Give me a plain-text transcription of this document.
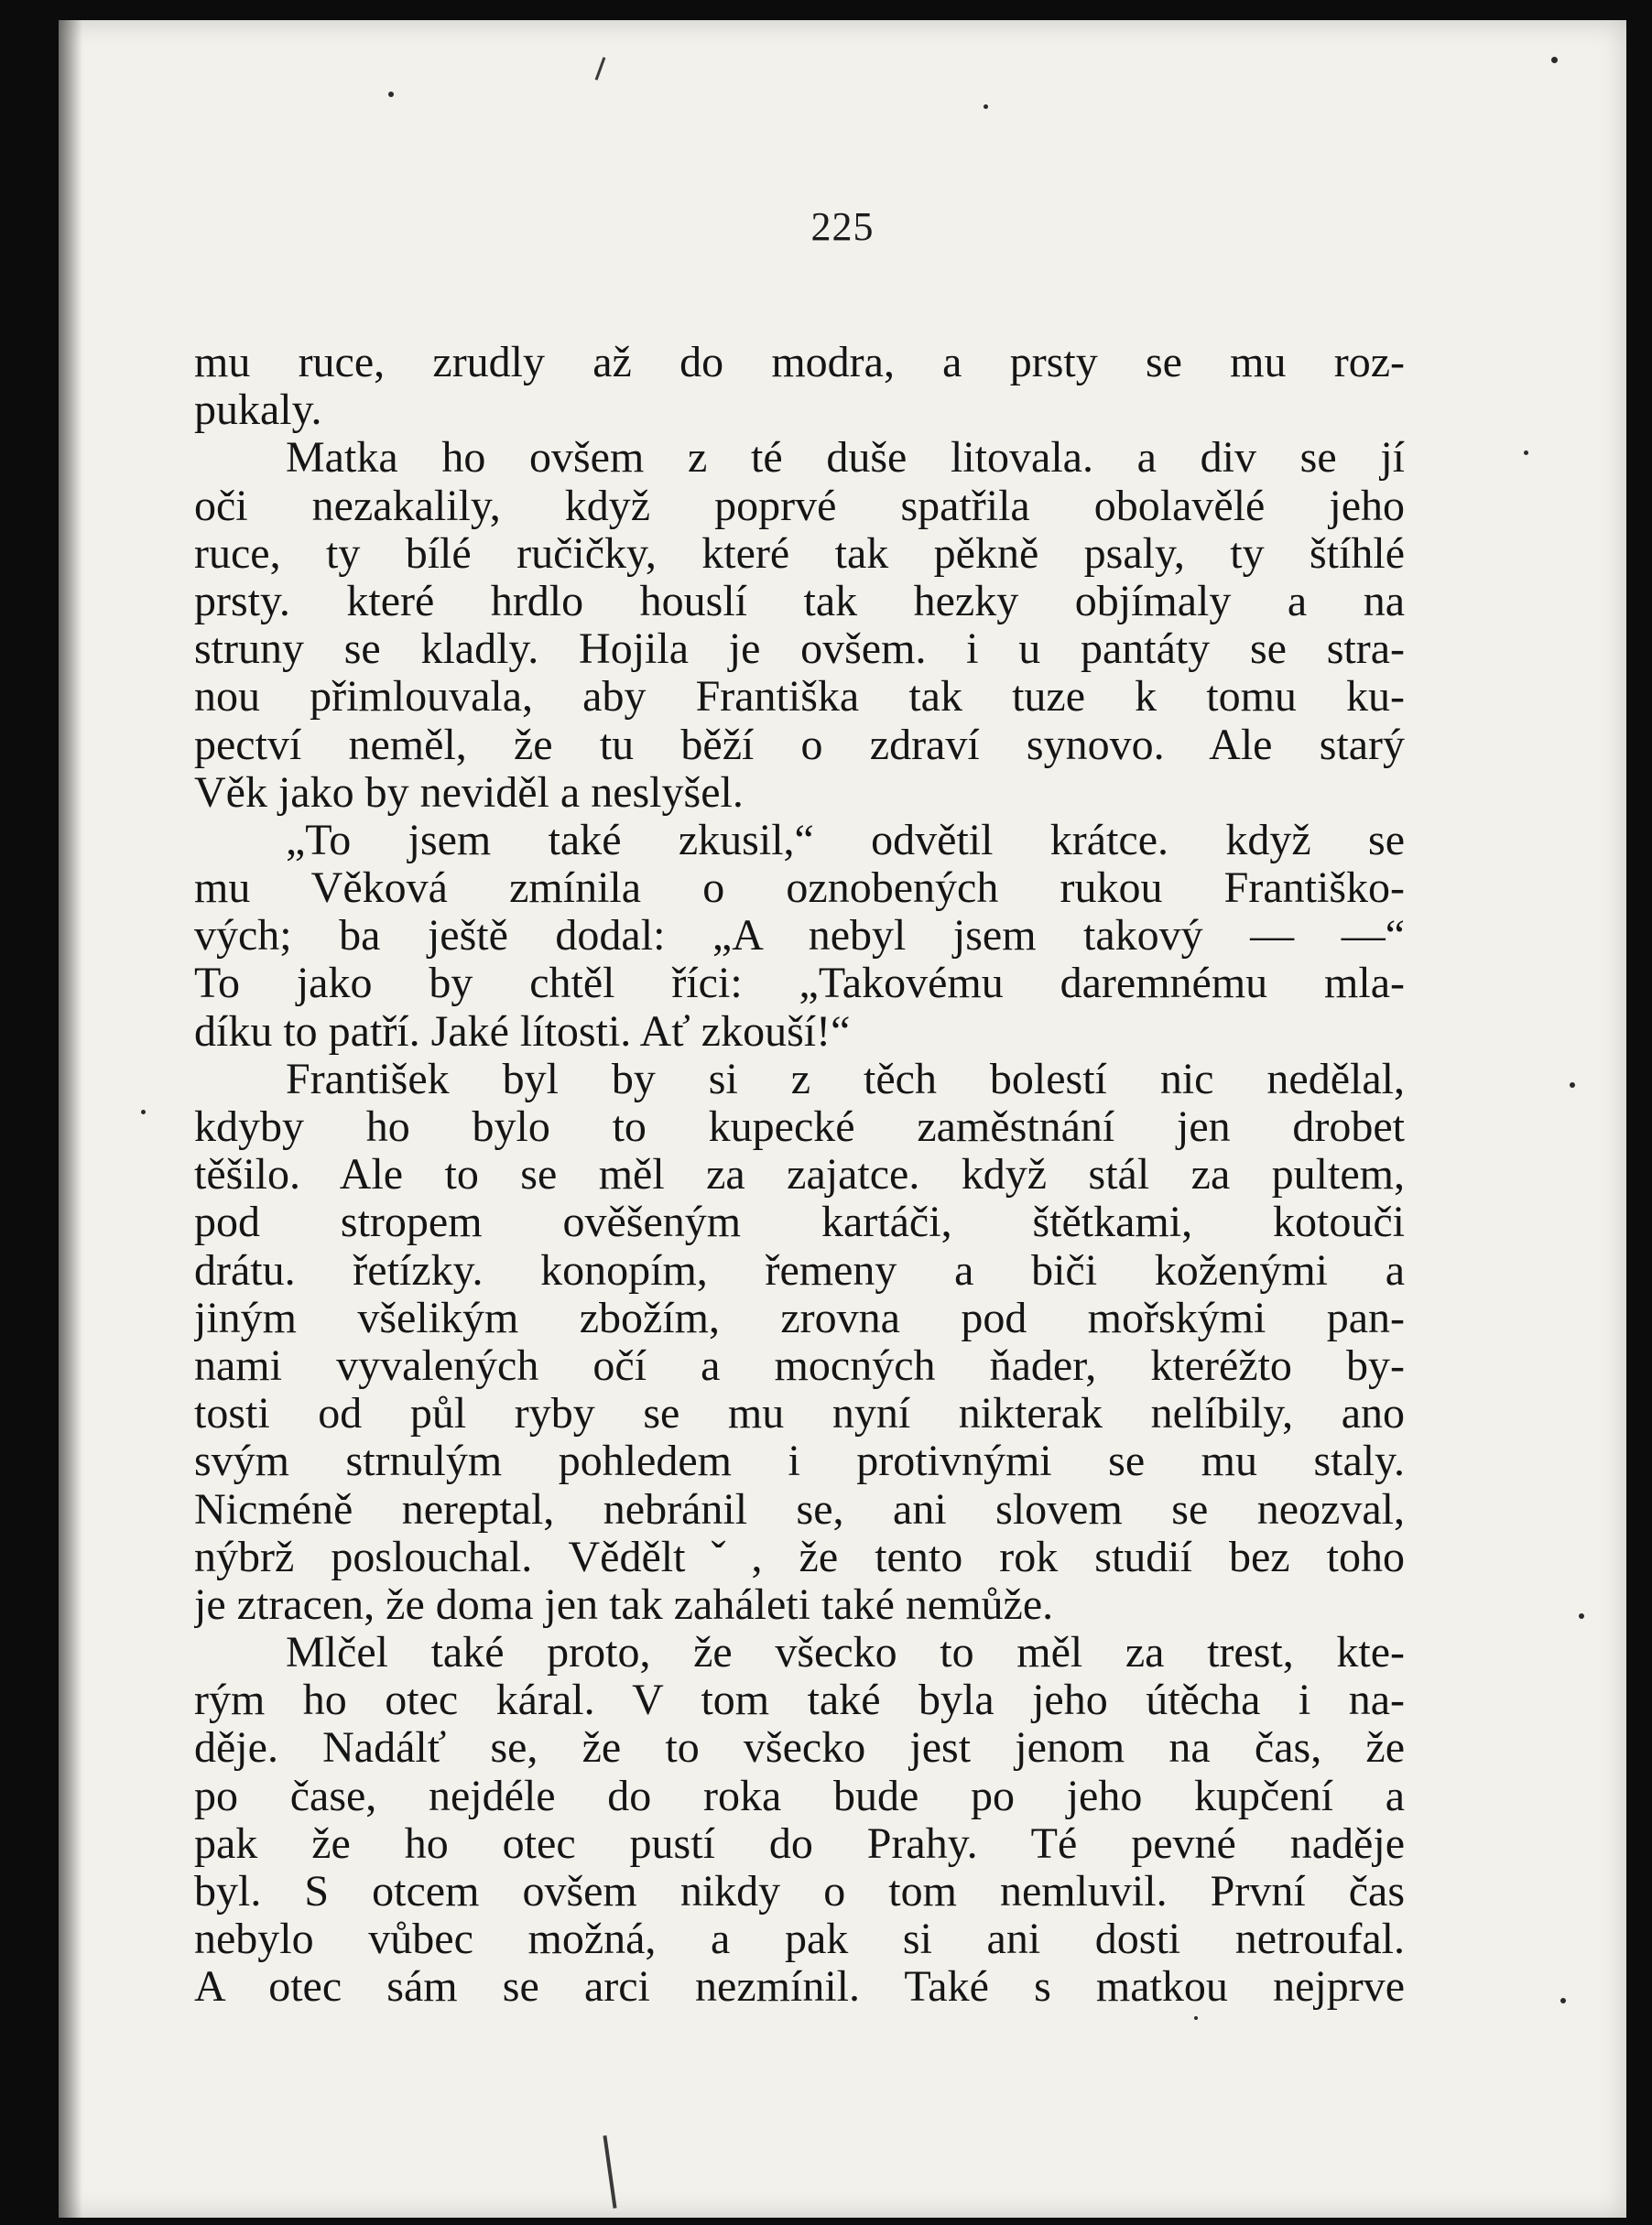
225
mu ruce, zrudly až do modra, a prsty se mu roz-
pukaly.
Matka ho ovšem z té duše litovala. a div se jí
oči nezakalily, když poprvé spatřila obolavělé jeho
ruce, ty bílé ručičky, které tak pěkně psaly, ty štíhlé
prsty. které hrdlo houslí tak hezky objímaly a na
struny se kladly. Hojila je ovšem. i u pantáty se stra-
nou přimlouvala, aby Františka tak tuze k tomu ku-
pectví neměl, že tu běží o zdraví synovo. Ale starý
Věk jako by neviděl a neslyšel.
„To jsem také zkusil,“ odvětil krátce. když se
mu Věková zmínila o oznobených rukou Františko-
vých; ba ještě dodal: „A nebyl jsem takový — —“
To jako by chtěl říci: „Takovému daremnému mla-
díku to patří. Jaké lítosti. Ať zkouší!“
František byl by si z těch bolestí nic nedělal,
kdyby ho bylo to kupecké zaměstnání jen drobet
těšilo. Ale to se měl za zajatce. když stál za pultem,
pod stropem ověšeným kartáči, štětkami, kotouči
drátu. řetízky. konopím, řemeny a biči koženými a
jiným všelikým zbožím, zrovna pod mořskými pan-
nami vyvalených očí a mocných ňader, kteréžto by-
tosti od půl ryby se mu nyní nikterak nelíbily, ano
svým strnulým pohledem i protivnými se mu staly.
Nicméně nereptal, nebránil se, ani slovem se neozval,
nýbrž poslouchal. Věděltˇ, že tento rok studií bez toho
je ztracen, že doma jen tak zaháleti také nemůže.
Mlčel také proto, že všecko to měl za trest, kte-
rým ho otec káral. V tom také byla jeho útěcha i na-
děje. Nadálť se, že to všecko jest jenom na čas, že
po čase, nejdéle do roka bude po jeho kupčení a
pak že ho otec pustí do Prahy. Té pevné naděje
byl. S otcem ovšem nikdy o tom nemluvil. První čas
nebylo vůbec možná, a pak si ani dosti netroufal.
A otec sám se arci nezmínil. Také s matkou nejprve
